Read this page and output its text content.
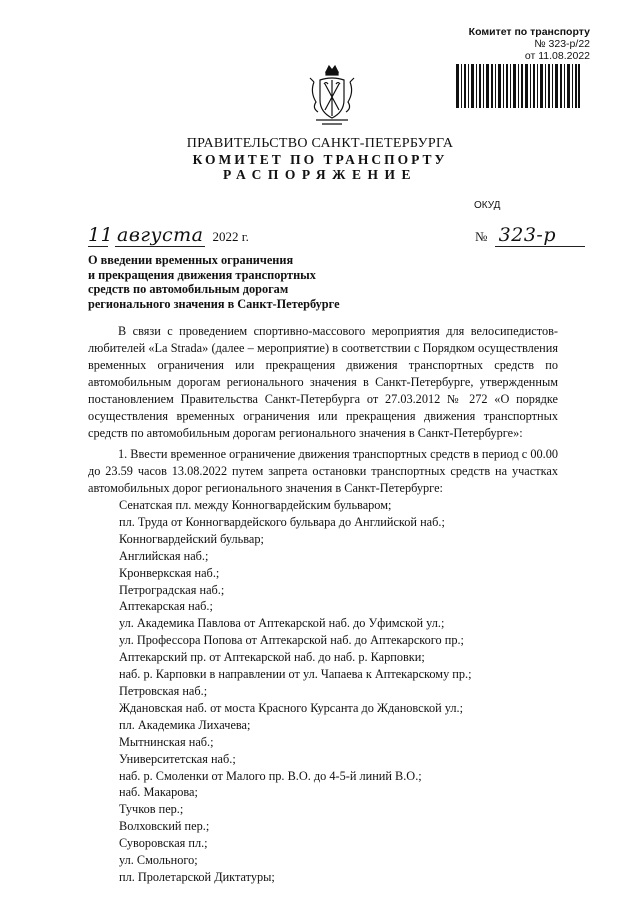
Комитет по транспорту
№ 323-р/22
от 11.08.2022
ПРАВИТЕЛЬСТВО САНКТ-ПЕТЕРБУРГА
КОМИТЕТ ПО ТРАНСПОРТУ
РАСПОРЯЖЕНИЕ
ОКУД
11 августа 2022 г.	№ 323-р
О введении временных ограничения
и прекращения движения транспортных
средств по автомобильным дорогам
регионального значения в Санкт-Петербурге
В связи с проведением спортивно-массового мероприятия для велосипедистов-любителей «La Strada» (далее – мероприятие) в соответствии с Порядком осуществления временных ограничения или прекращения движения транспортных средств по автомобильным дорогам регионального значения в Санкт-Петербурге, утвержденным постановлением Правительства Санкт-Петербурга от 27.03.2012 № 272 «О порядке осуществления временных ограничения или прекращения движения транспортных средств по автомобильным дорогам регионального значения в Санкт-Петербурге»:
1. Ввести временное ограничение движения транспортных средств в период с 00.00 до 23.59 часов 13.08.2022 путем запрета остановки транспортных средств на участках автомобильных дорог регионального значения в Санкт-Петербурге:
Сенатская пл. между Конногвардейским бульваром;
пл. Труда от Конногвардейского бульвара до Английской наб.;
Конногвардейский бульвар;
Английская наб.;
Кронверкская наб.;
Петроградская наб.;
Аптекарская наб.;
ул. Академика Павлова от Аптекарской наб. до Уфимской ул.;
ул. Профессора Попова от Аптекарской наб. до Аптекарского пр.;
Аптекарский пр. от Аптекарской наб. до наб. р. Карповки;
наб. р. Карповки в направлении от ул. Чапаева к Аптекарскому пр.;
Петровская наб.;
Ждановская наб. от моста Красного Курсанта до Ждановской ул.;
пл. Академика Лихачева;
Мытнинская наб.;
Университетская наб.;
наб. р. Смоленки от Малого пр. В.О. до 4-5-й линий В.О.;
наб. Макарова;
Тучков пер.;
Волховский пер.;
Суворовская пл.;
ул. Смольного;
пл. Пролетарской Диктатуры;
